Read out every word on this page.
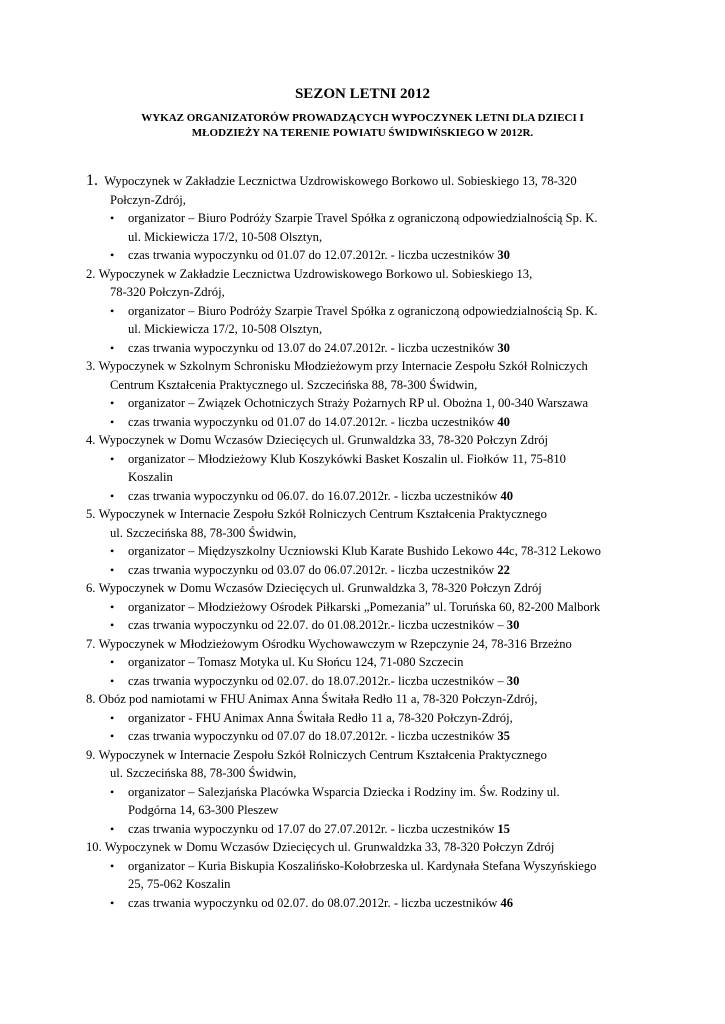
SEZON LETNI 2012
WYKAZ ORGANIZATORÓW PROWADZĄCYCH WYPOCZYNEK LETNI DLA DZIECI I
MŁODZIEŻY NA TERENIE POWIATU ŚWIDWIŃSKIEGO W 2012R.
1. Wypoczynek w Zakładzie Lecznictwa Uzdrowiskowego Borkowo ul. Sobieskiego 13, 78-320
Połczyn-Zdrój,
• organizator – Biuro Podróży Szarpie Travel Spółka z ograniczoną odpowiedzialnością Sp. K.
ul. Mickiewicza 17/2, 10-508 Olsztyn,
• czas trwania wypoczynku od 01.07 do 12.07.2012r. - liczba uczestników 30
2. Wypoczynek w Zakładzie Lecznictwa Uzdrowiskowego Borkowo ul. Sobieskiego 13,
78-320 Połczyn-Zdrój,
• organizator – Biuro Podróży Szarpie Travel Spółka z ograniczoną odpowiedzialnością Sp. K.
ul. Mickiewicza 17/2, 10-508 Olsztyn,
• czas trwania wypoczynku od 13.07 do 24.07.2012r. - liczba uczestników 30
3. Wypoczynek w Szkolnym Schronisku Młodzieżowym przy Internacie Zespołu Szkół Rolniczych
Centrum Kształcenia Praktycznego ul. Szczecińska 88, 78-300 Świdwin,
• organizator – Związek Ochotniczych Straży Pożarnych RP ul. Obożna 1, 00-340 Warszawa
• czas trwania wypoczynku od 01.07 do 14.07.2012r. - liczba uczestników 40
4. Wypoczynek w Domu Wczasów Dziecięcych ul. Grunwaldzka 33, 78-320 Połczyn Zdrój
• organizator – Młodzieżowy Klub Koszykówki Basket Koszalin ul. Fiołków 11, 75-810
Koszalin
• czas trwania wypoczynku od 06.07. do 16.07.2012r. - liczba uczestników 40
5. Wypoczynek w Internacie Zespołu Szkół Rolniczych Centrum Kształcenia Praktycznego
ul. Szczecińska 88, 78-300 Świdwin,
• organizator – Międzyszkolny Uczniowski Klub Karate Bushido Lekowo 44c, 78-312 Lekowo
• czas trwania wypoczynku od 03.07 do 06.07.2012r. - liczba uczestników 22
6. Wypoczynek w Domu Wczasów Dziecięcych ul. Grunwaldzka 3, 78-320 Połczyn Zdrój
• organizator – Młodzieżowy Ośrodek Piłkarski „Pomezania” ul. Toruńska 60, 82-200 Malbork
• czas trwania wypoczynku od 22.07. do 01.08.2012r.- liczba uczestników – 30
7. Wypoczynek w Młodzieżowym Ośrodku Wychowawczym w Rzepczynie 24, 78-316 Brzeżno
• organizator – Tomasz Motyka ul. Ku Słońcu 124, 71-080 Szczecin
• czas trwania wypoczynku od 02.07. do 18.07.2012r.- liczba uczestników – 30
8. Obóz pod namiotami w FHU Animax Anna Świtała Redło 11 a, 78-320 Połczyn-Zdrój,
• organizator - FHU Animax Anna Świtała Redło 11 a, 78-320 Połczyn-Zdrój,
• czas trwania wypoczynku od 07.07 do 18.07.2012r. - liczba uczestników 35
9. Wypoczynek w Internacie Zespołu Szkół Rolniczych Centrum Kształcenia Praktycznego
ul. Szczecińska 88, 78-300 Świdwin,
• organizator – Salezjańska Placówka Wsparcia Dziecka i Rodziny im. Św. Rodziny ul.
Podgórna 14, 63-300 Pleszew
• czas trwania wypoczynku od 17.07 do 27.07.2012r. - liczba uczestników 15
10. Wypoczynek w Domu Wczasów Dziecięcych ul. Grunwaldzka 33, 78-320 Połczyn Zdrój
• organizator – Kuria Biskupia Koszalińsko-Kołobrzeska ul. Kardynała Stefana Wyszyńskiego
25, 75-062 Koszalin
• czas trwania wypoczynku od 02.07. do 08.07.2012r. - liczba uczestników 46
